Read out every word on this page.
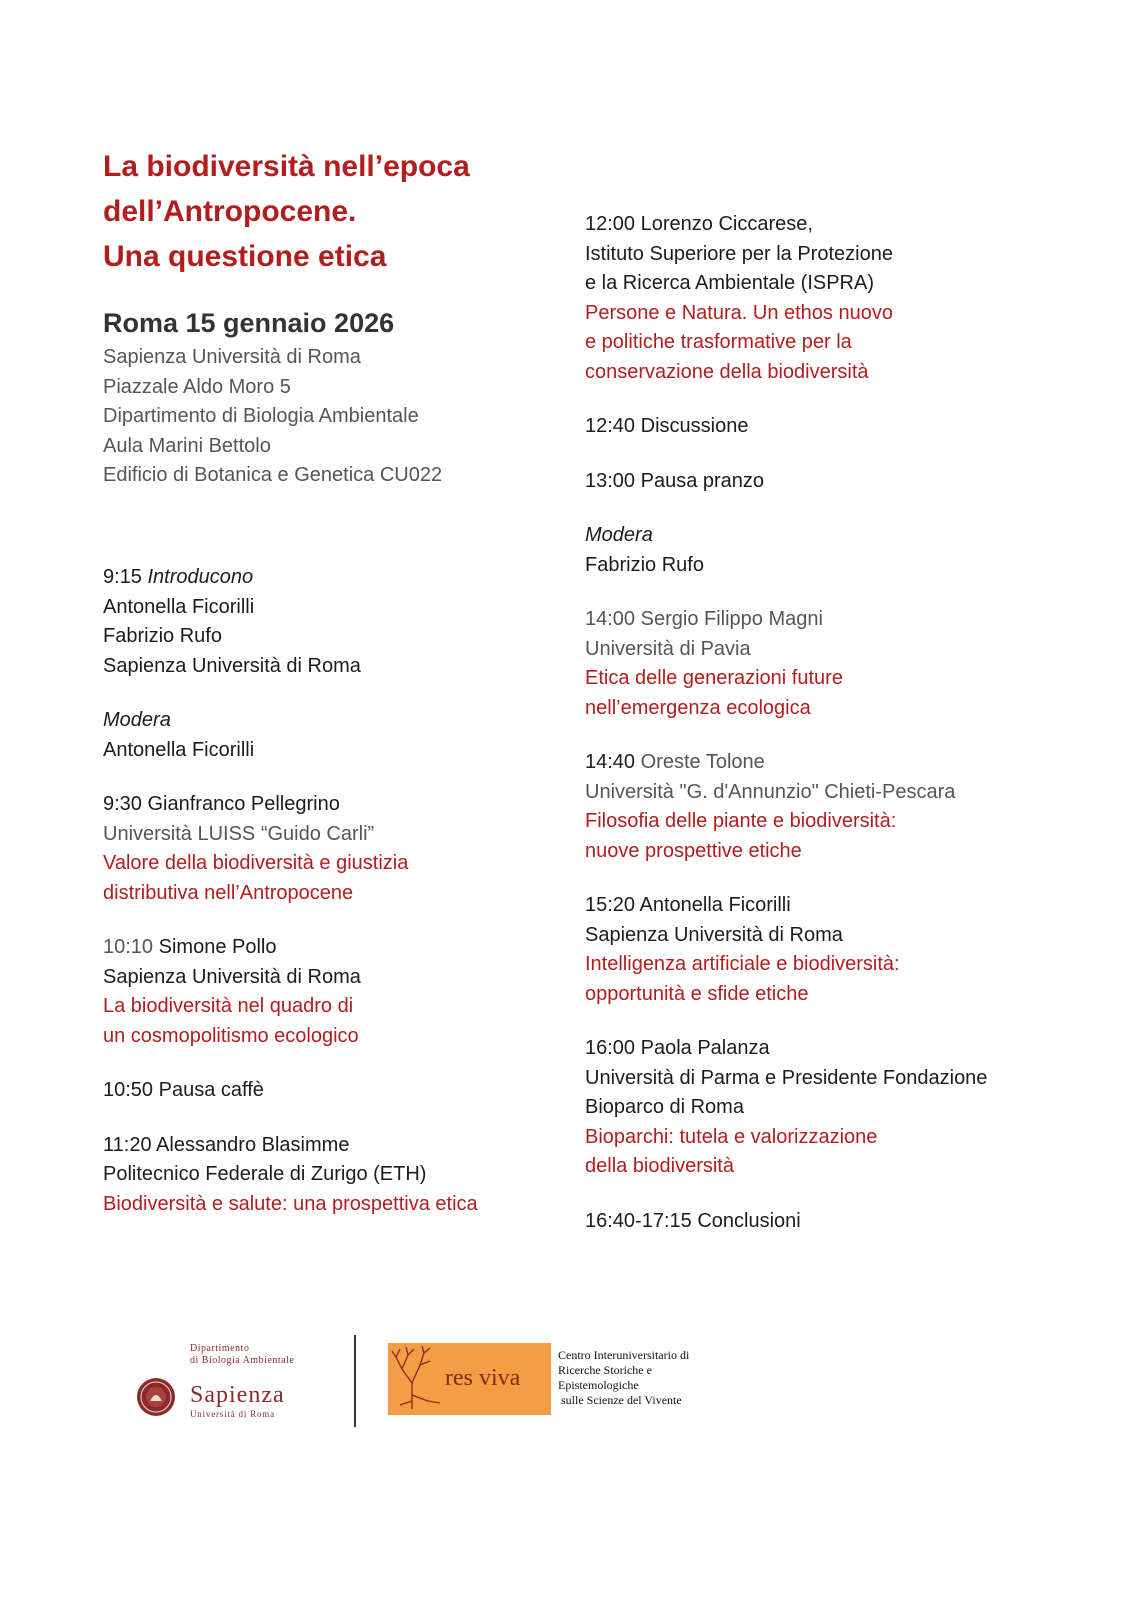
La biodiversità nell’epoca
dell’Antropocene.
Una questione etica
Roma 15 gennaio 2026
Sapienza Università di Roma
Piazzale Aldo Moro 5
Dipartimento di Biologia Ambientale
Aula Marini Bettolo
Edificio di Botanica e Genetica CU022
9:15 Introducono
Antonella Ficorilli
Fabrizio Rufo
Sapienza Università di Roma
Modera
Antonella Ficorilli
9:30 Gianfranco Pellegrino
Università LUISS “Guido Carli”
Valore della biodiversità e giustizia
distributiva nell’Antropocene
10:10 Simone Pollo
Sapienza Università di Roma
La biodiversità nel quadro di
un cosmopolitismo ecologico
10:50 Pausa caffè
11:20 Alessandro Blasimme
Politecnico Federale di Zurigo (ETH)
Biodiversità e salute: una prospettiva etica
12:00 Lorenzo Ciccarese,
Istituto Superiore per la Protezione
e la Ricerca Ambientale (ISPRA)
Persone e Natura. Un ethos nuovo
e politiche trasformative per la
conservazione della biodiversità
12:40 Discussione
13:00 Pausa pranzo
Modera
Fabrizio Rufo
14:00 Sergio Filippo Magni
Università di Pavia
Etica delle generazioni future
nell’emergenza ecologica
14:40 Oreste Tolone
Università "G. d'Annunzio" Chieti-Pescara
Filosofia delle piante e biodiversità:
nuove prospettive etiche
15:20 Antonella Ficorilli
Sapienza Università di Roma
Intelligenza artificiale e biodiversità:
opportunità e sfide etiche
16:00 Paola Palanza
Università di Parma e Presidente Fondazione
Bioparco di Roma
Bioparchi: tutela e valorizzazione
della biodiversità
16:40-17:15 Conclusioni
Dipartimento
di Biologia Ambientale
Sapienza
Università di Roma
res viva
Centro Interuniversitario di
Ricerche Storiche e
Epistemologiche
sulle Scienze del Vivente
